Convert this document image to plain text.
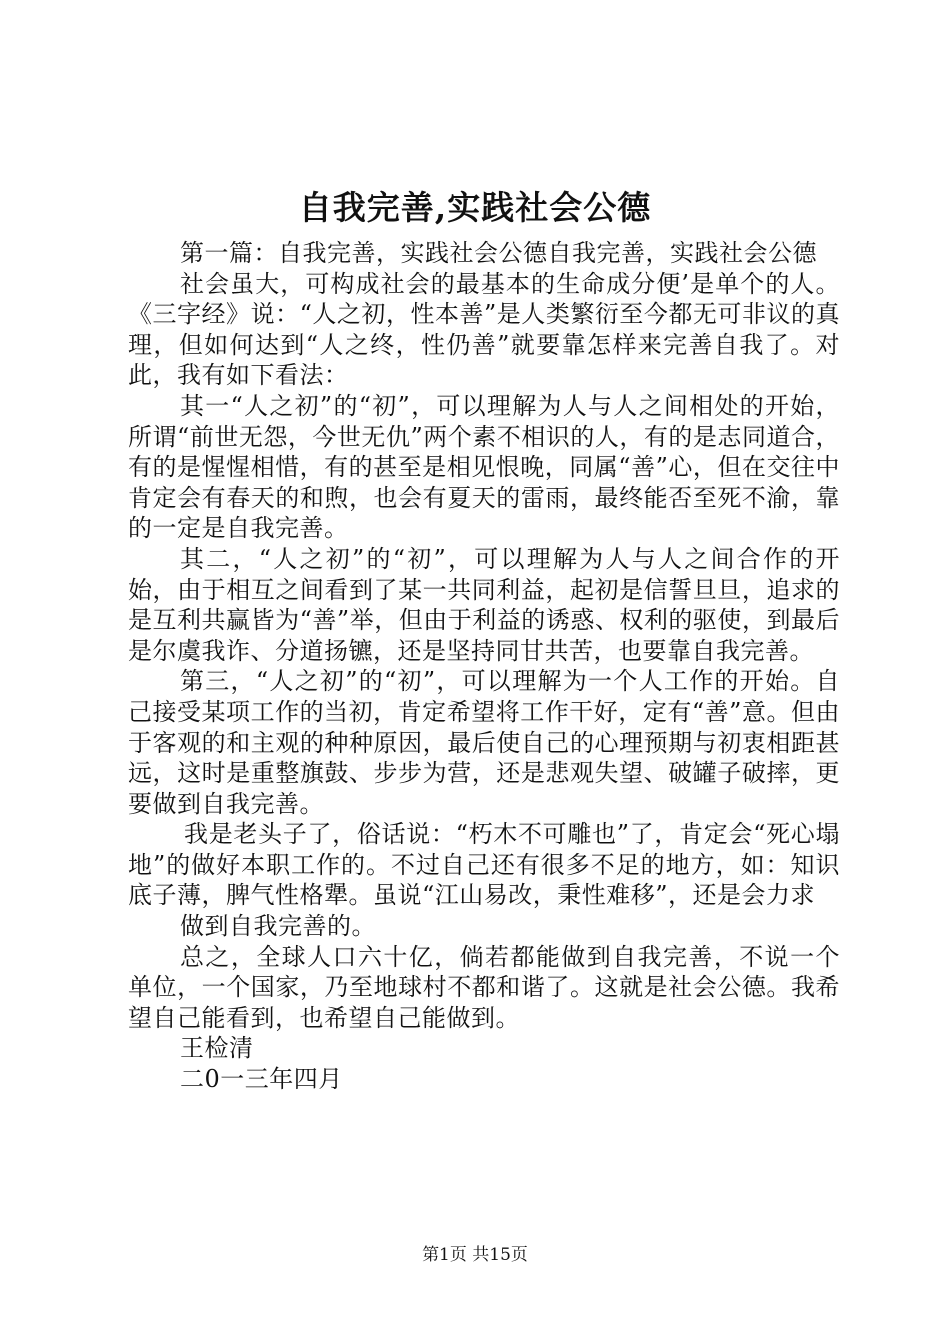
自我完善,实践社会公德

第一篇：自我完善，实践社会公德自我完善，实践社会公德

社会虽大，可构成社会的最基本的生命成分便’是单个的人。《三字经》说：“人之初，性本善”是人类繁衍至今都无可非议的真理，但如何达到“人之终，性仍善”就要靠怎样来完善自我了。对此，我有如下看法：

其一“人之初”的“初”，可以理解为人与人之间相处的开始，所谓“前世无怨，今世无仇”两个素不相识的人，有的是志同道合，有的是惺惺相惜，有的甚至是相见恨晚，同属“善”心，但在交往中肯定会有春天的和煦，也会有夏天的雷雨，最终能否至死不渝，靠的一定是自我完善。

其二，“人之初”的“初”，可以理解为人与人之间合作的开始，由于相互之间看到了某一共同利益，起初是信誓旦旦，追求的是互利共赢皆为“善”举，但由于利益的诱惑、权利的驱使，到最后是尔虞我诈、分道扬镳，还是坚持同甘共苦，也要靠自我完善。

第三，“人之初”的“初”，可以理解为一个人工作的开始。自己接受某项工作的当初，肯定希望将工作干好，定有“善”意。但由于客观的和主观的种种原因，最后使自己的心理预期与初衷相距甚远，这时是重整旗鼓、步步为营，还是悲观失望、破罐子破摔，更要做到自我完善。

我是老头子了，俗话说：“朽木不可雕也”了，肯定会“死心塌地”的做好本职工作的。不过自己还有很多不足的地方，如：知识底子薄，脾气性格犟。虽说“江山易改，秉性难移”，还是会力求

做到自我完善的。

总之，全球人口六十亿，倘若都能做到自我完善，不说一个单位，一个国家，乃至地球村不都和谐了。这就是社会公德。我希望自己能看到，也希望自己能做到。

王检清

二0一三年四月

第1页 共15页
